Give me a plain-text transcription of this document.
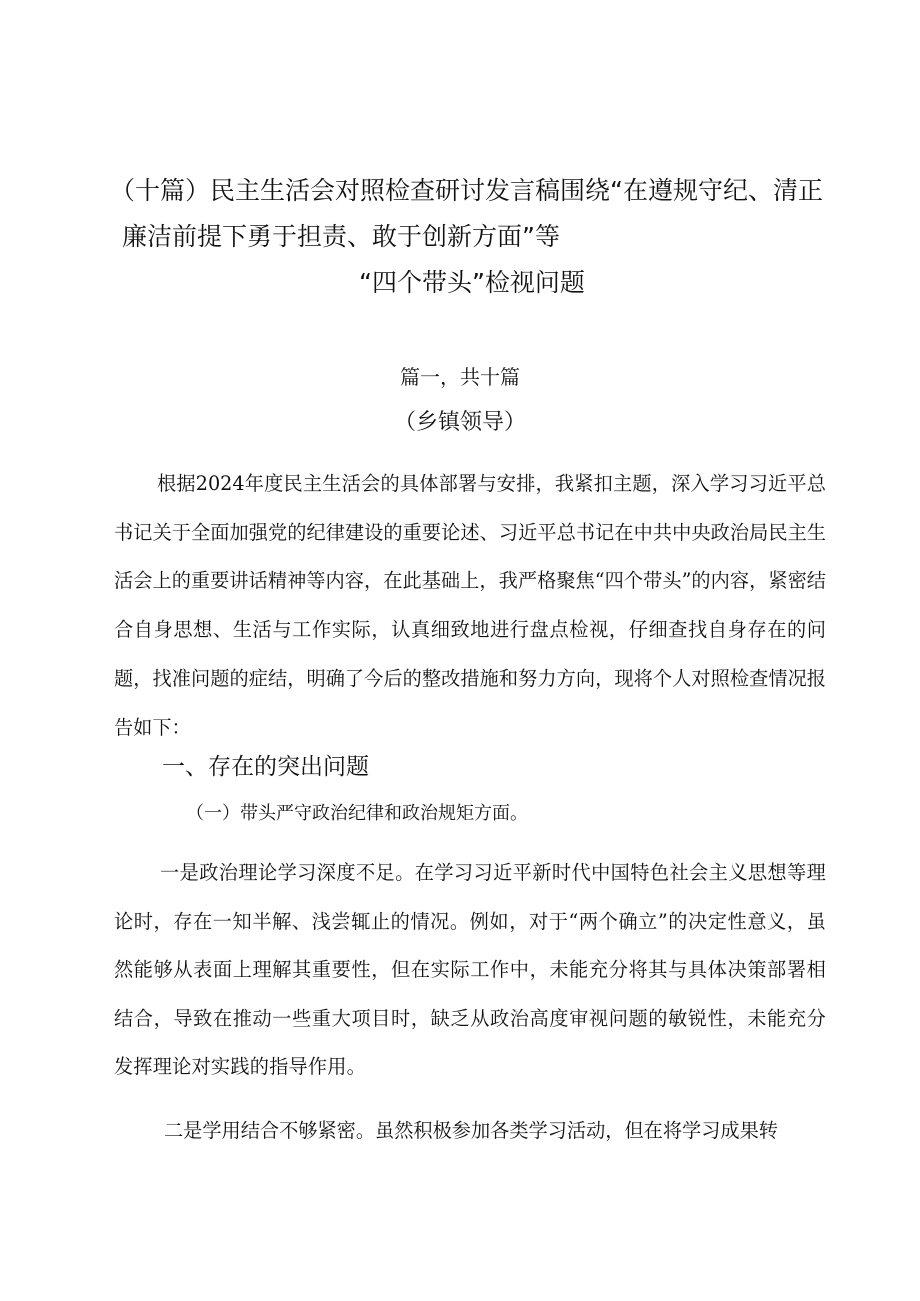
（十篇）民主生活会对照检查研讨发言稿围绕“在遵规守纪、清正
廉洁前提下勇于担责、敢于创新方面”等
“四个带头”检视问题
篇一，共十篇
（乡镇领导）
根据2024年度民主生活会的具体部署与安排，我紧扣主题，深入学习习近平总书记关于全面加强党的纪律建设的重要论述、习近平总书记在中共中央政治局民主生活会上的重要讲话精神等内容，在此基础上，我严格聚焦“四个带头”的内容，紧密结合自身思想、生活与工作实际，认真细致地进行盘点检视，仔细查找自身存在的问题，找准问题的症结，明确了今后的整改措施和努力方向，现将个人对照检查情况报告如下：
一、存在的突出问题
（一）带头严守政治纪律和政治规矩方面。
一是政治理论学习深度不足。在学习习近平新时代中国特色社会主义思想等理论时，存在一知半解、浅尝辄止的情况。例如，对于“两个确立”的决定性意义，虽然能够从表面上理解其重要性，但在实际工作中，未能充分将其与具体决策部署相结合，导致在推动一些重大项目时，缺乏从政治高度审视问题的敏锐性，未能充分发挥理论对实践的指导作用。
二是学用结合不够紧密。虽然积极参加各类学习活动，但在将学习成果转
